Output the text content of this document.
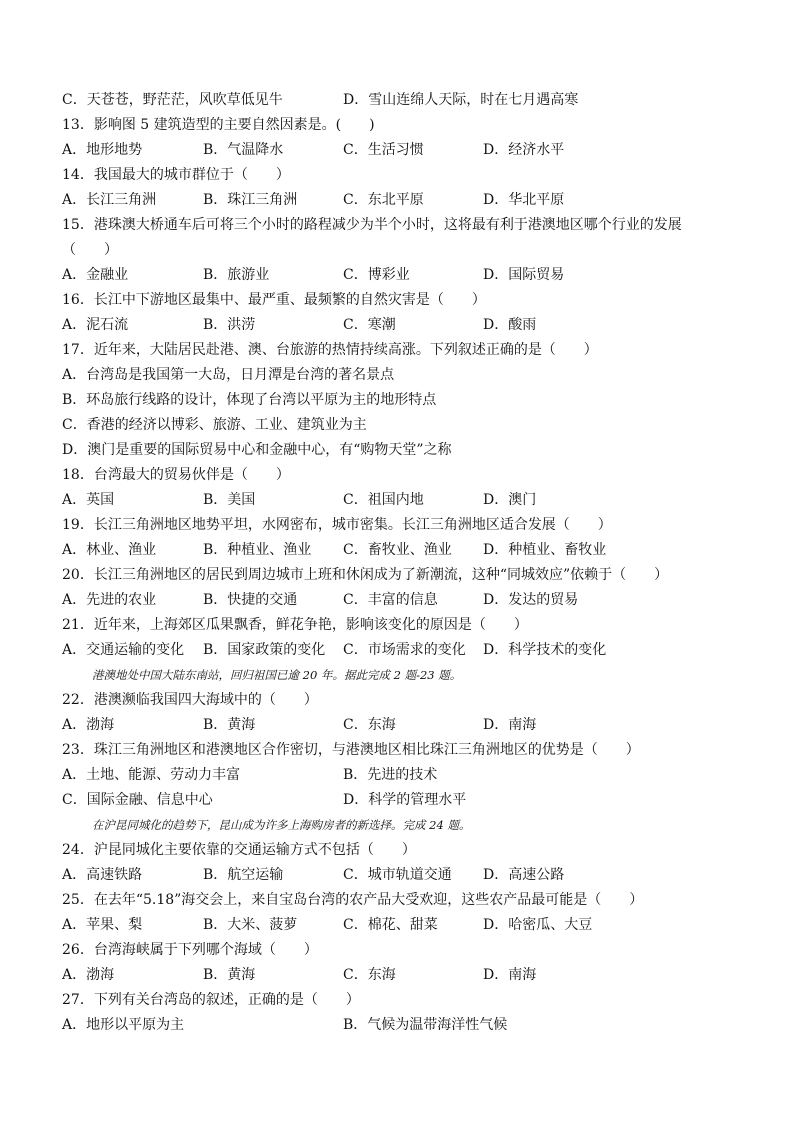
C．天苍苍，野茫茫，风吹草低见牛	D．雪山连绵人天际，时在七月遇高寒
13．影响图 5 建筑造型的主要自然因素是。(　　)
A．地形地势	B．气温降水	C．生活习惯	D．经济水平
14．我国最大的城市群位于（　　）
A．长江三角洲	B．珠江三角洲	C．东北平原	D．华北平原
15．港珠澳大桥通车后可将三个小时的路程减少为半个小时，这将最有利于港澳地区哪个行业的发展
（　　）
A．金融业	B．旅游业	C．博彩业	D．国际贸易
16．长江中下游地区最集中、最严重、最频繁的自然灾害是（　　）
A．泥石流	B．洪涝	C．寒潮	D．酸雨
17．近年来，大陆居民赴港、澳、台旅游的热情持续高涨。下列叙述正确的是（　　）
A．台湾岛是我国第一大岛，日月潭是台湾的著名景点
B．环岛旅行线路的设计，体现了台湾以平原为主的地形特点
C．香港的经济以博彩、旅游、工业、建筑业为主
D．澳门是重要的国际贸易中心和金融中心，有“购物天堂”之称
18．台湾最大的贸易伙伴是（　　）
A．英国	B．美国	C．祖国内地	D．澳门
19．长江三角洲地区地势平坦，水网密布，城市密集。长江三角洲地区适合发展（　　）
A．林业、渔业	B．种植业、渔业 C．畜牧业、渔业 D．种植业、畜牧业
20．长江三角洲地区的居民到周边城市上班和休闲成为了新潮流，这种“同城效应”依赖于（　　）
A．先进的农业	B．快捷的交通	C．丰富的信息	D．发达的贸易
21．近年来，上海郊区瓜果飘香，鲜花争艳，影响该变化的原因是（　　）
A．交通运输的变化 B．国家政策的变化 C．市场需求的变化 D．科学技术的变化
港澳地处中国大陆东南站，回归祖国已逾 20 年。据此完成 2 题-23 题。
22．港澳濒临我国四大海域中的（　　）
A．渤海	B．黄海	C．东海	D．南海
23．珠江三角洲地区和港澳地区合作密切，与港澳地区相比珠江三角洲地区的优势是（　　）
A．土地、能源、劳动力丰富	B．先进的技术
C．国际金融、信息中心	D．科学的管理水平
在沪昆同城化的趋势下，昆山成为许多上海购房者的新选择。完成 24 题。
24．沪昆同城化主要依靠的交通运输方式不包括（　　）
A．高速铁路	B．航空运输	C．城市轨道交通 D．高速公路
25．在去年“5.18”海交会上，来自宝岛台湾的农产品大受欢迎，这些农产品最可能是（　　）
A．苹果、梨	B．大米、菠萝	C．棉花、甜菜	D．哈密瓜、大豆
26．台湾海峡属于下列哪个海域（　　）
A．渤海	B．黄海	C．东海	D．南海
27．下列有关台湾岛的叙述，正确的是（　　）
A．地形以平原为主	B．气候为温带海洋性气候
